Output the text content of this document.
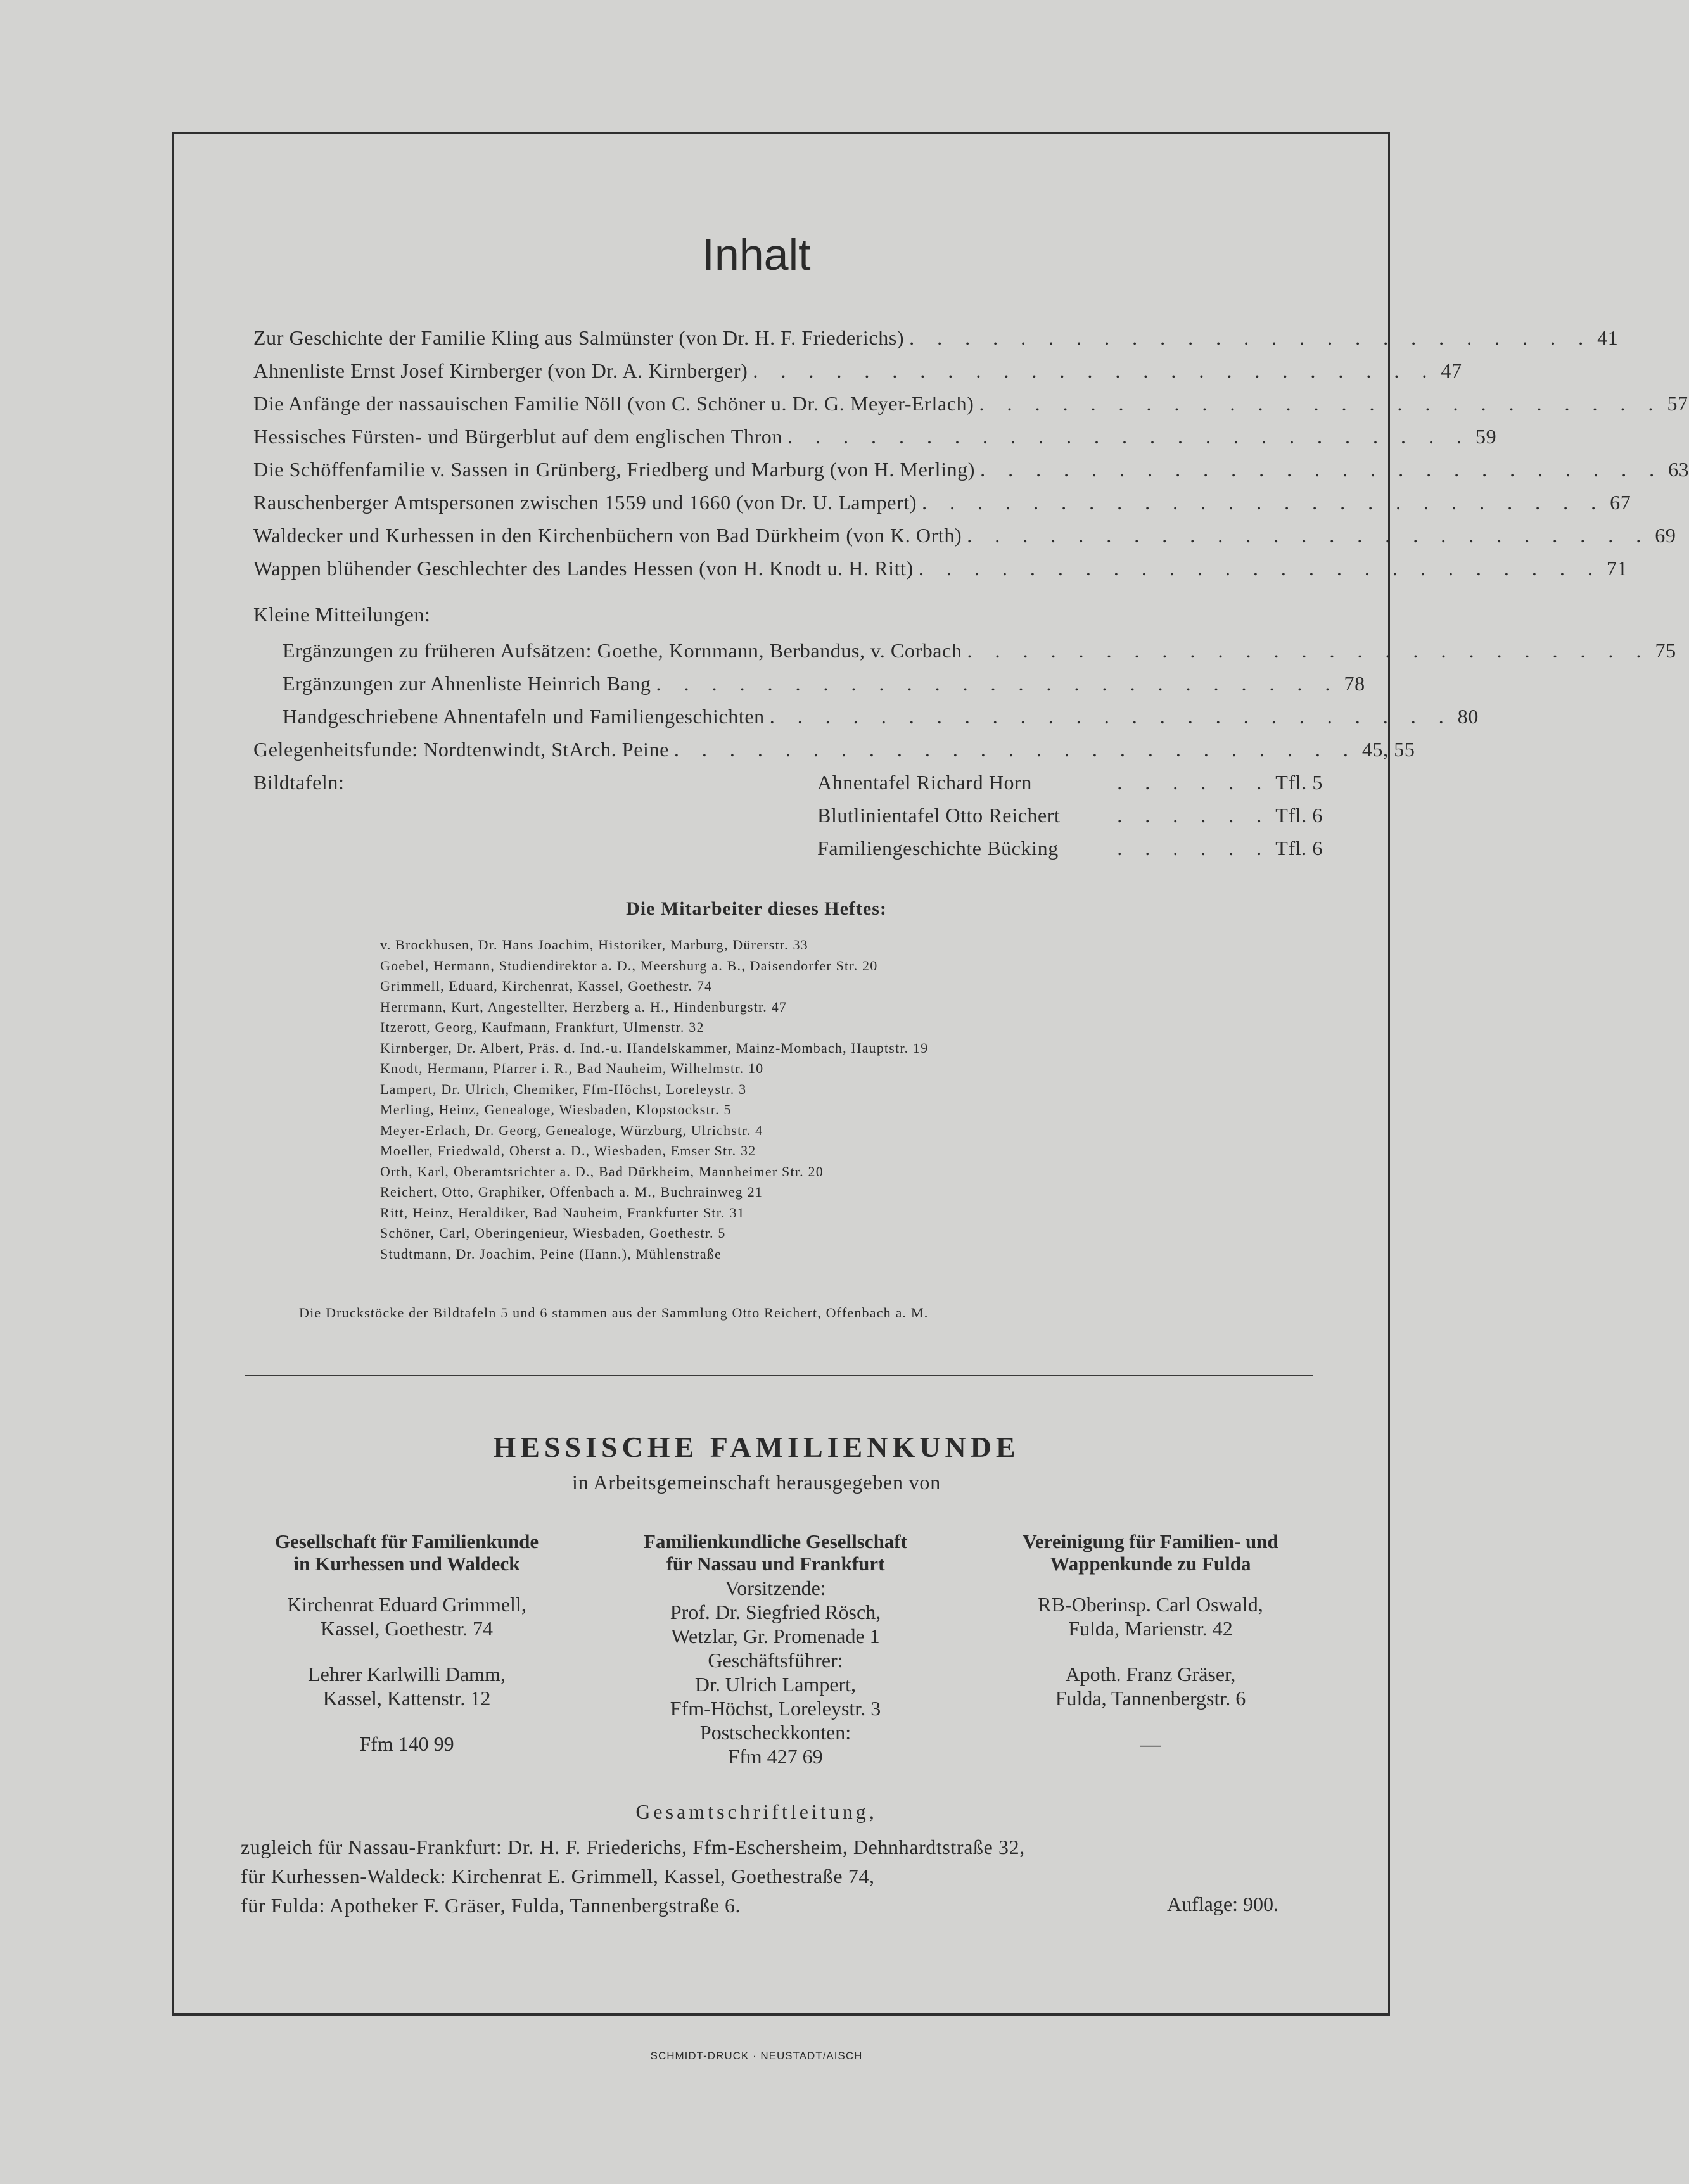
Inhalt
Zur Geschichte der Familie Kling aus Salmünster (von Dr. H. F. Friederichs) . . . . . . . . . . . . . . . . . . . . . . . . . 41
Ahnenliste Ernst Josef Kirnberger (von Dr. A. Kirnberger) . . . . . . . . . . . . . . . . . . . . . . . . . 47
Die Anfänge der nassauischen Familie Nöll (von C. Schöner u. Dr. G. Meyer-Erlach) . . . . . . . . . . . . . . . . . . . . . . . . . 57
Hessisches Fürsten- und Bürgerblut auf dem englischen Thron . . . . . . . . . . . . . . . . . . . . . . . . . 59
Die Schöffenfamilie v. Sassen in Grünberg, Friedberg und Marburg (von H. Merling) . . . . . . . . . . . . . . . . . . . . . . . . . 63
Rauschenberger Amtspersonen zwischen 1559 und 1660 (von Dr. U. Lampert) . . . . . . . . . . . . . . . . . . . . . . . . . 67
Waldecker und Kurhessen in den Kirchenbüchern von Bad Dürkheim (von K. Orth) . . . . . . . . . . . . . . . . . . . . . . . . . 69
Wappen blühender Geschlechter des Landes Hessen (von H. Knodt u. H. Ritt) . . . . . . . . . . . . . . . . . . . . . . . . . 71
Kleine Mitteilungen:
Ergänzungen zu früheren Aufsätzen: Goethe, Kornmann, Berbandus, v. Corbach . . . . . . . . . . . . . . . . . . . . . . . . . 75
Ergänzungen zur Ahnenliste Heinrich Bang . . . . . . . . . . . . . . . . . . . . . . . . . 78
Handgeschriebene Ahnentafeln und Familiengeschichten . . . . . . . . . . . . . . . . . . . . . . . . . 80
Gelegenheitsfunde: Nordtenwindt, StArch. Peine . . . . . . . . . . . . . . . . . . . . . . . . . 45, 55
Bildtafeln:	Ahnentafel Richard Horn	. . . . . . Tfl. 5
Blutlinientafel Otto Reichert	. . . . . . Tfl. 6
Familiengeschichte Bücking	. . . . . . Tfl. 6
Die Mitarbeiter dieses Heftes:
v. Brockhusen, Dr. Hans Joachim, Historiker, Marburg, Dürerstr. 33
Goebel, Hermann, Studiendirektor a. D., Meersburg a. B., Daisendorfer Str. 20
Grimmell, Eduard, Kirchenrat, Kassel, Goethestr. 74
Herrmann, Kurt, Angestellter, Herzberg a. H., Hindenburgstr. 47
Itzerott, Georg, Kaufmann, Frankfurt, Ulmenstr. 32
Kirnberger, Dr. Albert, Präs. d. Ind.-u. Handelskammer, Mainz-Mombach, Hauptstr. 19
Knodt, Hermann, Pfarrer i. R., Bad Nauheim, Wilhelmstr. 10
Lampert, Dr. Ulrich, Chemiker, Ffm-Höchst, Loreleystr. 3
Merling, Heinz, Genealoge, Wiesbaden, Klopstockstr. 5
Meyer-Erlach, Dr. Georg, Genealoge, Würzburg, Ulrichstr. 4
Moeller, Friedwald, Oberst a. D., Wiesbaden, Emser Str. 32
Orth, Karl, Oberamtsrichter a. D., Bad Dürkheim, Mannheimer Str. 20
Reichert, Otto, Graphiker, Offenbach a. M., Buchrainweg 21
Ritt, Heinz, Heraldiker, Bad Nauheim, Frankfurter Str. 31
Schöner, Carl, Oberingenieur, Wiesbaden, Goethestr. 5
Studtmann, Dr. Joachim, Peine (Hann.), Mühlenstraße
Die Druckstöcke der Bildtafeln 5 und 6 stammen aus der Sammlung Otto Reichert, Offenbach a. M.
HESSISCHE FAMILIENKUNDE
in Arbeitsgemeinschaft herausgegeben von
Gesellschaft für Familienkunde
in Kurhessen und Waldeck
Kirchenrat Eduard Grimmell,
Kassel, Goethestr. 74
Lehrer Karlwilli Damm,
Kassel, Kattenstr. 12
Ffm 140 99
Familienkundliche Gesellschaft
für Nassau und Frankfurt
Vorsitzende:
Prof. Dr. Siegfried Rösch,
Wetzlar, Gr. Promenade 1
Geschäftsführer:
Dr. Ulrich Lampert,
Ffm-Höchst, Loreleystr. 3
Postscheckkonten:
Ffm 427 69
Vereinigung für Familien- und
Wappenkunde zu Fulda
RB-Oberinsp. Carl Oswald,
Fulda, Marienstr. 42
Apoth. Franz Gräser,
Fulda, Tannenbergstr. 6
—
Gesamtschriftleitung,
zugleich für Nassau-Frankfurt: Dr. H. F. Friederichs, Ffm-Eschersheim, Dehnhardtstraße 32,
für Kurhessen-Waldeck: Kirchenrat E. Grimmell, Kassel, Goethestraße 74,
für Fulda: Apotheker F. Gräser, Fulda, Tannenbergstraße 6.	Auflage: 900.
SCHMIDT-DRUCK · NEUSTADT/AISCH
